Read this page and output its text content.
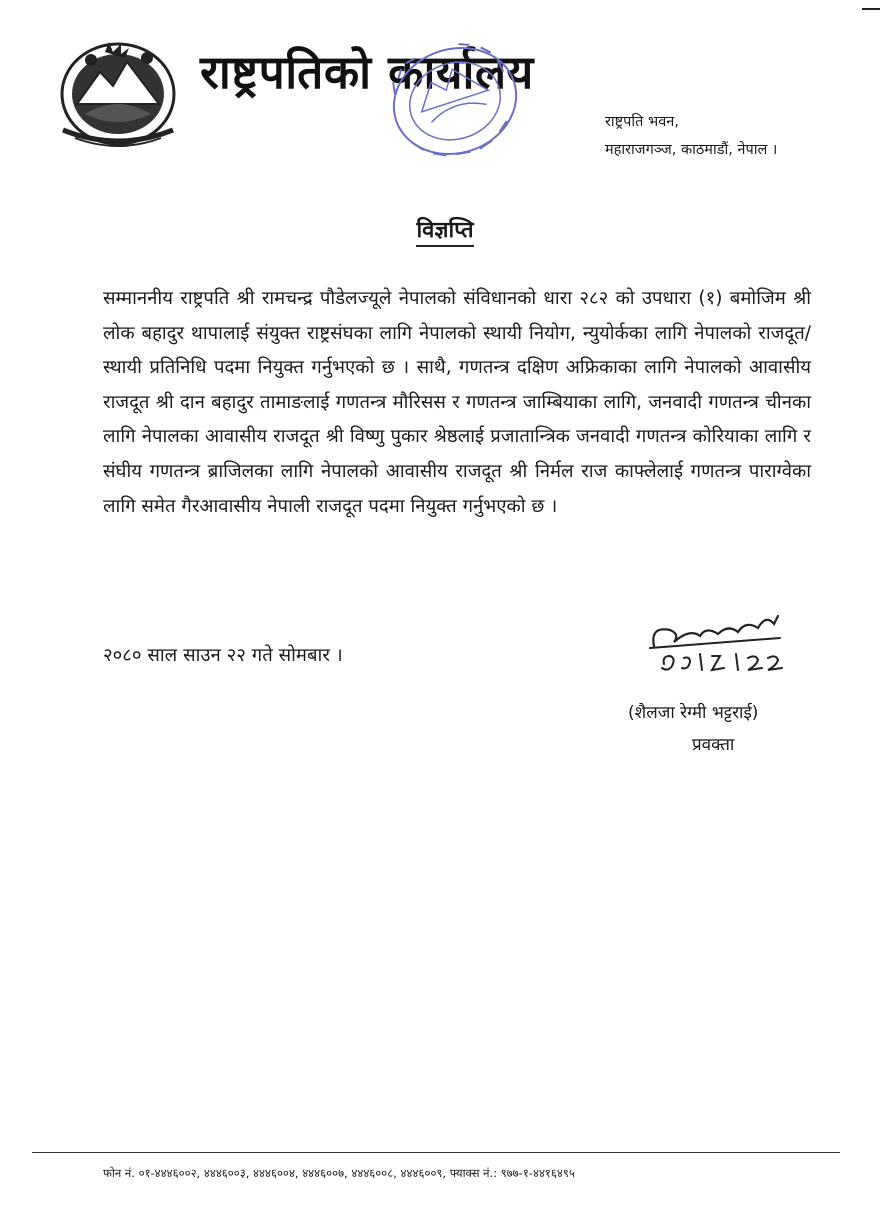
राष्ट्रपतिको कार्यालय
राष्ट्रपति भवन,
महाराजगञ्ज, काठमाडौं, नेपाल ।
विज्ञप्ति
सम्माननीय राष्ट्रपति श्री रामचन्द्र पौडेलज्यूले नेपालको संविधानको धारा २८२ को उपधारा (१) बमोजिम श्री लोक बहादुर थापालाई संयुक्त राष्ट्रसंघका लागि नेपालको स्थायी नियोग, न्युयोर्कका लागि नेपालको राजदूत/स्थायी प्रतिनिधि पदमा नियुक्त गर्नुभएको छ । साथै, गणतन्त्र दक्षिण अफ्रिकाका लागि नेपालको आवासीय राजदूत श्री दान बहादुर तामाङलाई गणतन्त्र मौरिसस र गणतन्त्र जाम्बियाका लागि, जनवादी गणतन्त्र चीनका लागि नेपालका आवासीय राजदूत श्री विष्णु पुकार श्रेष्ठलाई प्रजातान्त्रिक जनवादी गणतन्त्र कोरियाका लागि र संघीय गणतन्त्र ब्राजिलका लागि नेपालको आवासीय राजदूत श्री निर्मल राज काफ्लेलाई गणतन्त्र पाराग्वेका लागि समेत गैरआवासीय नेपाली राजदूत पदमा नियुक्त गर्नुभएको छ ।
२०८० साल साउन २२ गते सोमबार ।
(शैलजा रेग्मी भट्टराई)
प्रवक्ता
फोन नं. ०१-४४४६००२, ४४४६००३, ४४४६००४, ४४४६००७, ४४४६००८, ४४४६००९, फ्याक्स नं.: ९७७-१-४४१६४९५
